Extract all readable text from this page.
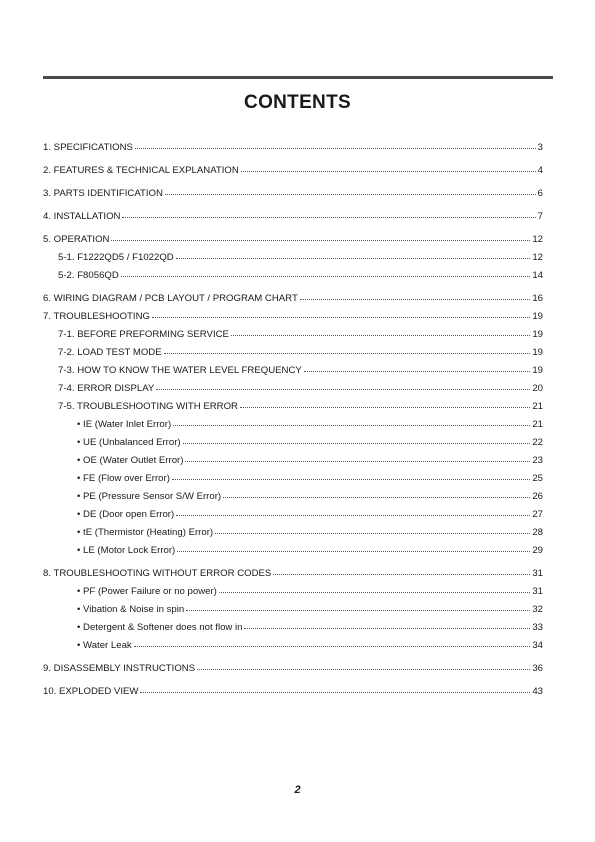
CONTENTS
1. SPECIFICATIONS	3
2. FEATURES & TECHNICAL EXPLANATION	4
3. PARTS IDENTIFICATION	6
4. INSTALLATION	7
5. OPERATION	12
5-1. F1222QD5 / F1022QD	12
5-2. F8056QD	14
6. WIRING DIAGRAM / PCB LAYOUT / PROGRAM CHART	16
7. TROUBLESHOOTING	19
7-1. BEFORE PREFORMING SERVICE	19
7-2. LOAD TEST MODE	19
7-3. HOW TO KNOW THE WATER LEVEL FREQUENCY	19
7-4. ERROR DISPLAY	20
7-5. TROUBLESHOOTING WITH ERROR	21
• IE (Water Inlet Error)	21
• UE (Unbalanced Error)	22
• OE (Water Outlet Error)	23
• FE (Flow over Error)	25
• PE (Pressure Sensor S/W Error)	26
• DE (Door open Error)	27
• tE (Thermistor (Heating) Error)	28
• LE (Motor Lock Error)	29
8. TROUBLESHOOTING WITHOUT ERROR CODES	31
• PF (Power Failure or no power)	31
• Vibation & Noise in spin	32
• Detergent & Softener does not flow in	33
• Water Leak	34
9. DISASSEMBLY INSTRUCTIONS	36
10. EXPLODED VIEW	43
2
